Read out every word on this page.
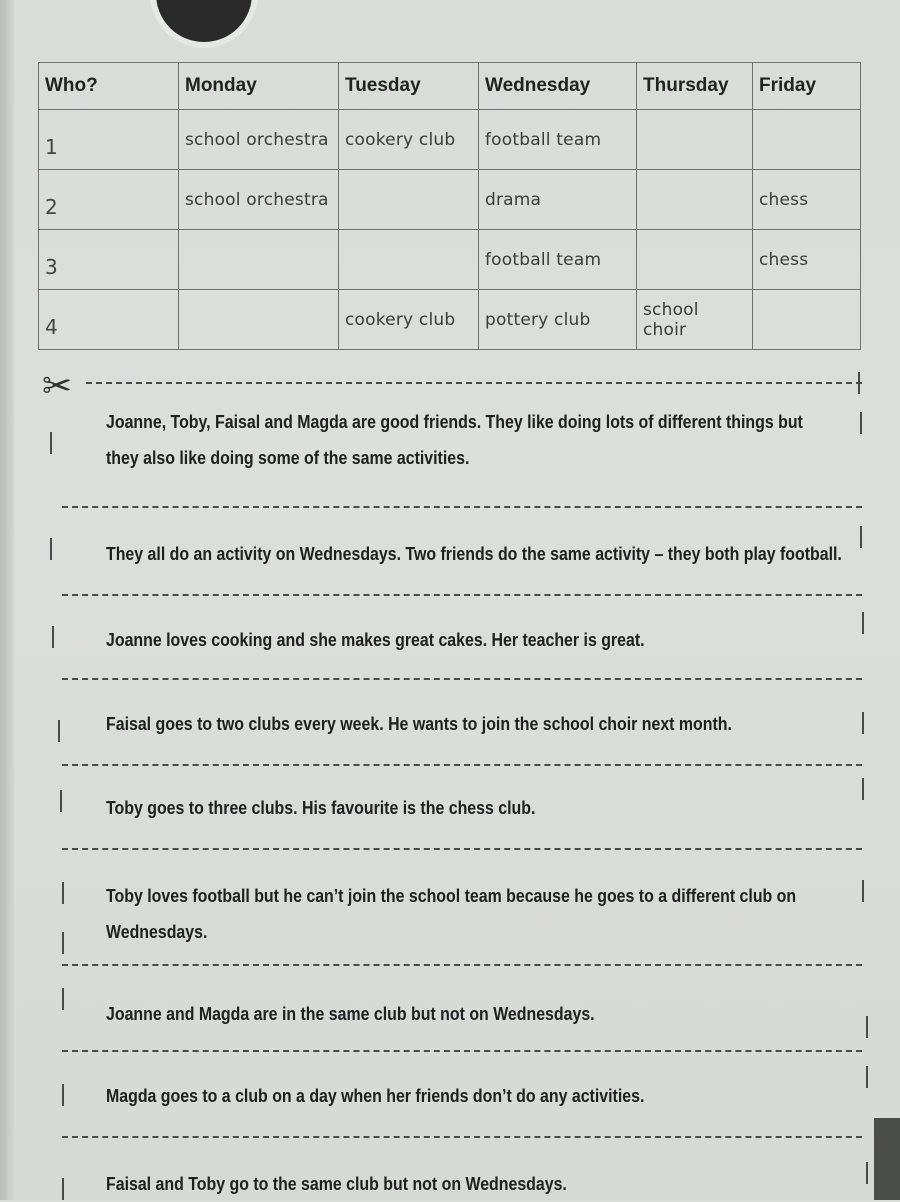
Who?	Monday	Tuesday	Wednesday	Thursday	Friday
1	school orchestra	cookery club	football team		
2	school orchestra		drama		chess
3			football team		chess
4		cookery club	pottery club	school choir	
✂
Joanne, Toby, Faisal and Magda are good friends. They like doing lots of different things but
they also like doing some of the same activities.
They all do an activity on Wednesdays. Two friends do the same activity – they both play football.
Joanne loves cooking and she makes great cakes. Her teacher is great.
Faisal goes to two clubs every week. He wants to join the school choir next month.
Toby goes to three clubs. His favourite is the chess club.
Toby loves football but he can’t join the school team because he goes to a different club on
Wednesdays.
Joanne and Magda are in the same club but not on Wednesdays.
Magda goes to a club on a day when her friends don’t do any activities.
Faisal and Toby go to the same club but not on Wednesdays.
